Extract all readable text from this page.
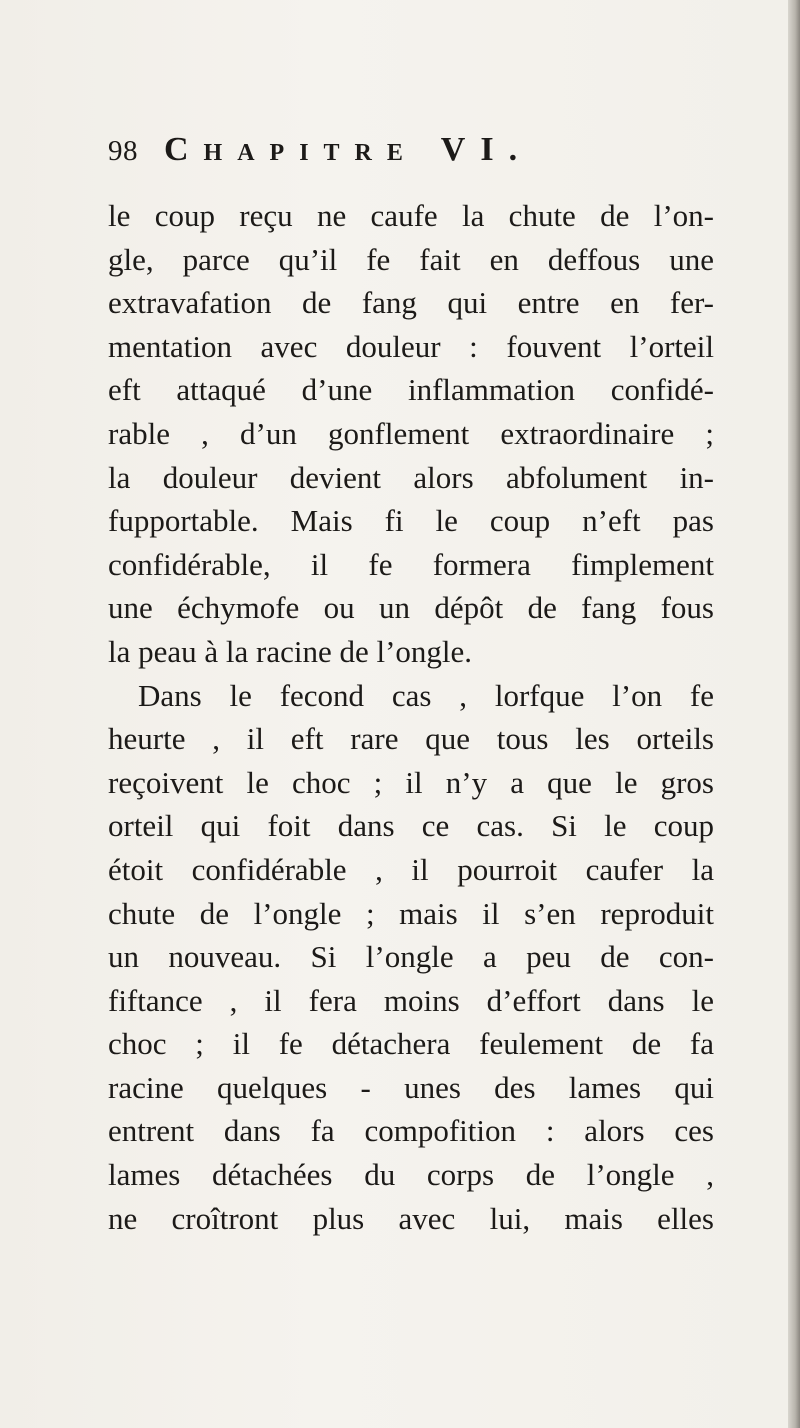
98 Chapitre VI.
le coup reçu ne caufe la chute de l’on-
gle, parce qu’il fe fait en deffous une
extravafation de fang qui entre en fer-
mentation avec douleur : fouvent l’orteil
eft attaqué d’une inflammation confidé-
rable , d’un gonflement extraordinaire ;
la douleur devient alors abfolument in-
fupportable. Mais fi le coup n’eft pas
confidérable, il fe formera fimplement
une échymofe ou un dépôt de fang fous
la peau à la racine de l’ongle.
Dans le fecond cas , lorfque l’on fe
heurte , il eft rare que tous les orteils
reçoivent le choc ; il n’y a que le gros
orteil qui foit dans ce cas. Si le coup
étoit confidérable , il pourroit caufer la
chute de l’ongle ; mais il s’en reproduit
un nouveau. Si l’ongle a peu de con-
fiftance , il fera moins d’effort dans le
choc ; il fe détachera feulement de fa
racine quelques - unes des lames qui
entrent dans fa compofition : alors ces
lames détachées du corps de l’ongle ,
ne croîtront plus avec lui, mais elles
